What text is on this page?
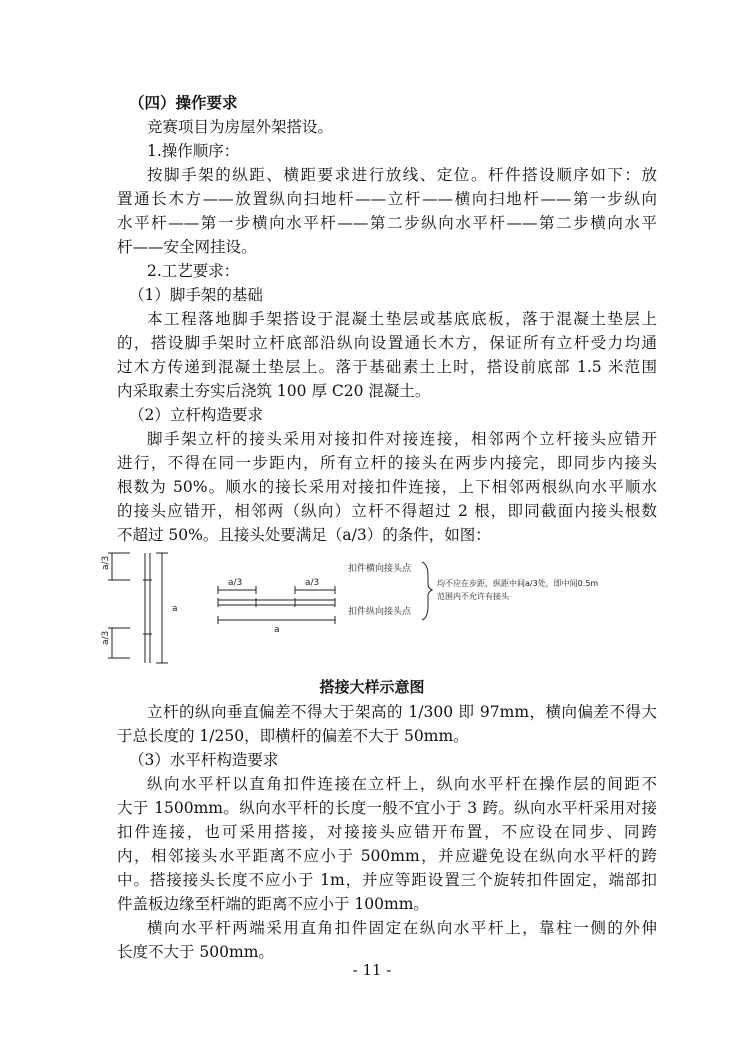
（四）操作要求
竞赛项目为房屋外架搭设。
1.操作顺序：
按脚手架的纵距、横距要求进行放线、定位。杆件搭设顺序如下：放
置通长木方——放置纵向扫地杆——立杆——横向扫地杆——第一步纵向
水平杆——第一步横向水平杆——第二步纵向水平杆——第二步横向水平
杆——安全网挂设。
2.工艺要求：
（1）脚手架的基础
本工程落地脚手架搭设于混凝土垫层或基底底板，落于混凝土垫层上
的，搭设脚手架时立杆底部沿纵向设置通长木方，保证所有立杆受力均通
过木方传递到混凝土垫层上。落于基础素土上时，搭设前底部 1.5 米范围
内采取素土夯实后浇筑 100 厚 C20 混凝土。
（2）立杆构造要求
脚手架立杆的接头采用对接扣件对接连接，相邻两个立杆接头应错开
进行，不得在同一步距内，所有立杆的接头在两步内接完，即同步内接头
根数为 50%。顺水的接长采用对接扣件连接，上下相邻两根纵向水平顺水
的接头应错开，相邻两（纵向）立杆不得超过 2 根，即同截面内接头根数
不超过 50%。且接头处要满足（a/3）的条件，如图：
a/3
a/3
a
a/3	a/3
a
扣件横向接头点
扣件纵向接头点
均不应在步距，纵距中间a/3处，即中间0.5m
范围内不允许有接头
搭接大样示意图
立杆的纵向垂直偏差不得大于架高的 1/300 即 97mm，横向偏差不得大
于总长度的 1/250，即横杆的偏差不大于 50mm。
（3）水平杆构造要求
纵向水平杆以直角扣件连接在立杆上，纵向水平杆在操作层的间距不
大于 1500mm。纵向水平杆的长度一般不宜小于 3 跨。纵向水平杆采用对接
扣件连接，也可采用搭接，对接接头应错开布置，不应设在同步、同跨
内，相邻接头水平距离不应小于 500mm，并应避免设在纵向水平杆的跨
中。搭接接头长度不应小于 1m，并应等距设置三个旋转扣件固定，端部扣
件盖板边缘至杆端的距离不应小于 100mm。
横向水平杆两端采用直角扣件固定在纵向水平杆上，靠柱一侧的外伸
长度不大于 500mm。
- 11 -
